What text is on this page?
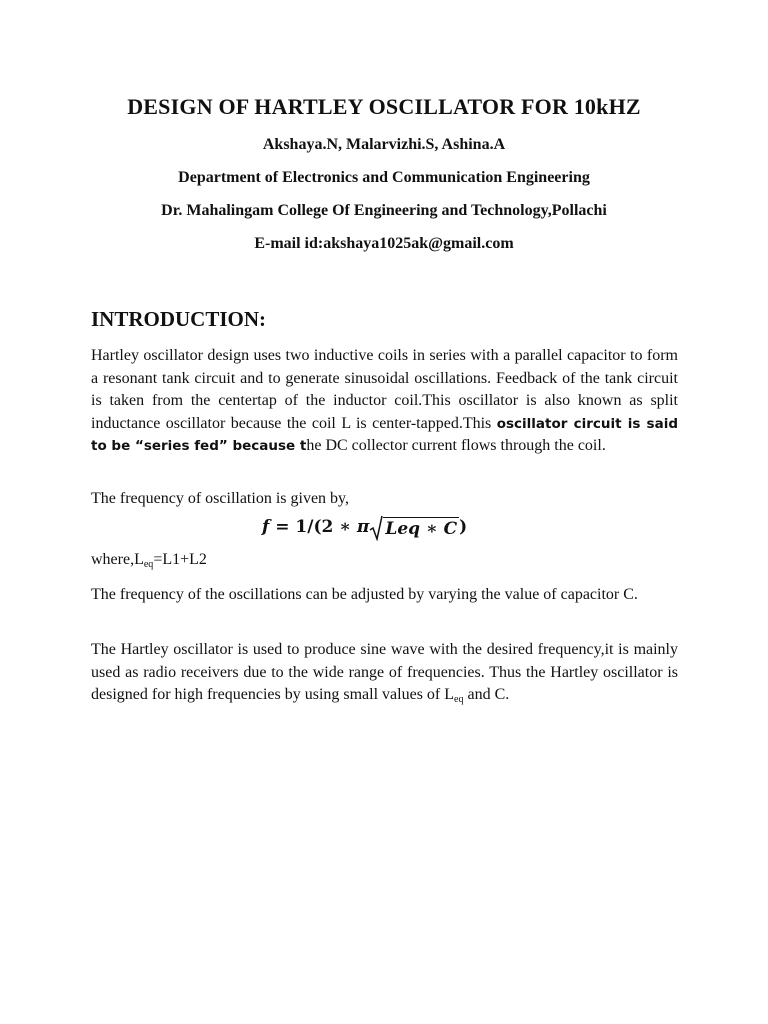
DESIGN OF HARTLEY OSCILLATOR FOR 10kHZ
Akshaya.N, Malarvizhi.S, Ashina.A
Department of Electronics and Communication Engineering
Dr. Mahalingam College Of Engineering and Technology,Pollachi
E-mail id:akshaya1025ak@gmail.com
INTRODUCTION:
Hartley oscillator design uses two inductive coils in series with a parallel capacitor to form a resonant tank circuit and to generate sinusoidal oscillations. Feedback of the tank circuit is taken from the centertap of the inductor coil.This oscillator is also known as split inductance oscillator because the coil L is center-tapped.This oscillator circuit is said to be “series fed” because the DC collector current flows through the coil.
The frequency of oscillation is given by,
f = 1/(2 ∗ π Leq ∗ C )
$where,L_{eq}=L1+L2$
The frequency of the oscillations can be adjusted by varying the value of capacitor C.
The Hartley oscillator is used to produce sine wave with the desired frequency,it is mainly used as radio receivers due to the wide range of frequencies. Thus the Hartley oscillator is designed for high frequencies by using small values of $L_{eq}$ and C.
